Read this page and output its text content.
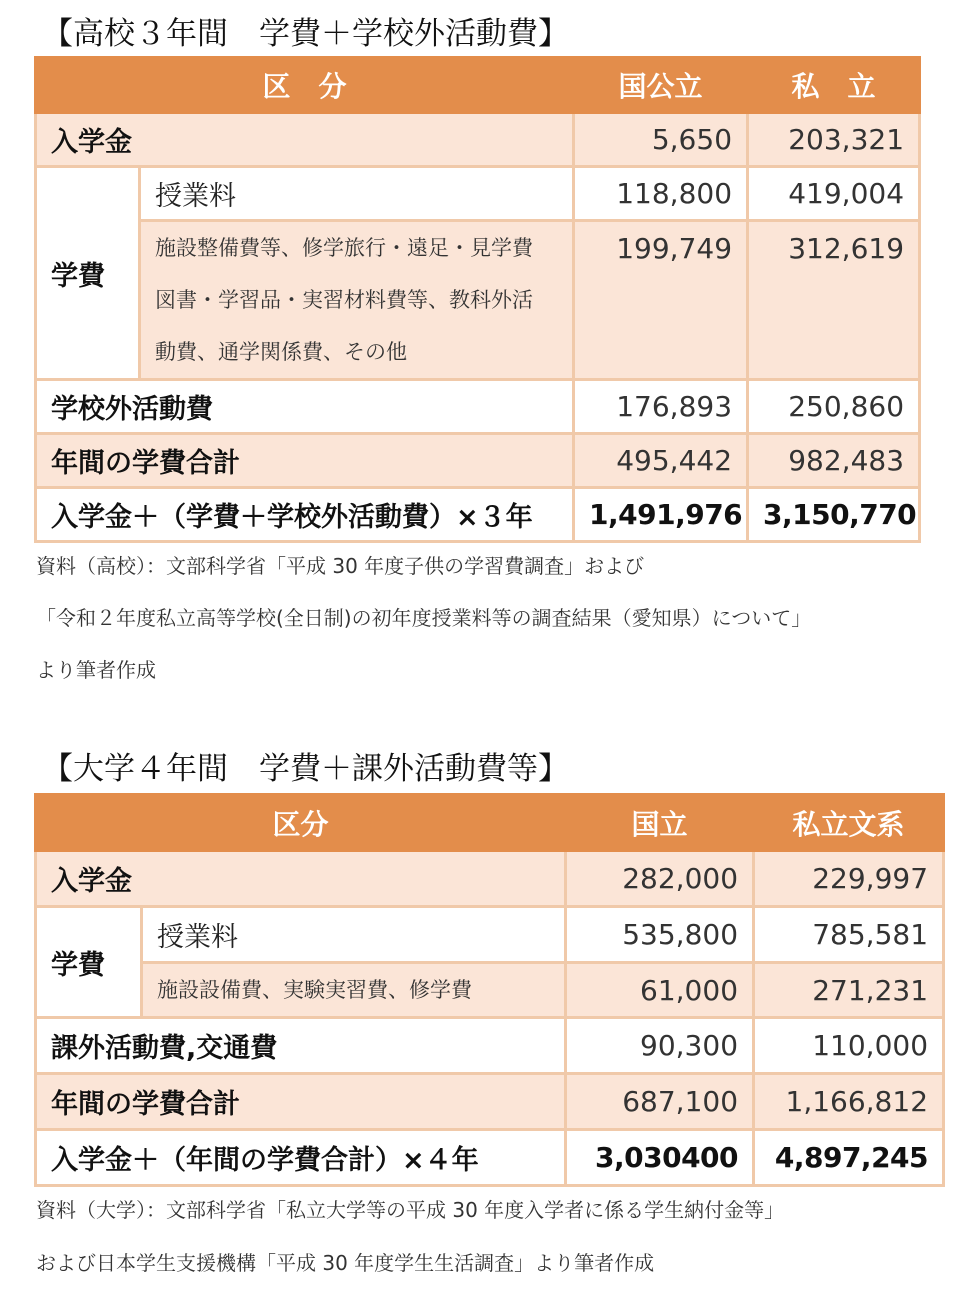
【高校３年間　学費＋学校外活動費】
区　分		国公立	私　立
入学金		5,650	203,321
学費	授業料	118,800	419,004

	施設整備費等、修学旅行・遠足・見学費
図書・学習品・実習材料費等、教科外活
動費、通学関係費、その他	199,749	312,619
学校外活動費		176,893	250,860
年間の学費合計		495,442	982,483
入学金＋（学費＋学校外活動費）×３年		1,491,976	3,150,770
資料（高校）：文部科学省「平成 30 年度子供の学習費調査」および
「令和２年度私立高等学校(全日制)の初年度授業料等の調査結果（愛知県）について」
より筆者作成
【大学４年間　学費＋課外活動費等】
区分		国立	私立文系
入学金		282,000	229,997
学費	授業料	535,800	785,581
	施設設備費、実験実習費、修学費	61,000	271,231
課外活動費,交通費		90,300	110,000
年間の学費合計		687,100	1,166,812
入学金＋（年間の学費合計）×４年		3,030400	4,897,245
資料（大学）：文部科学省「私立大学等の平成 30 年度入学者に係る学生納付金等」
および日本学生支援機構「平成 30 年度学生生活調査」より筆者作成
